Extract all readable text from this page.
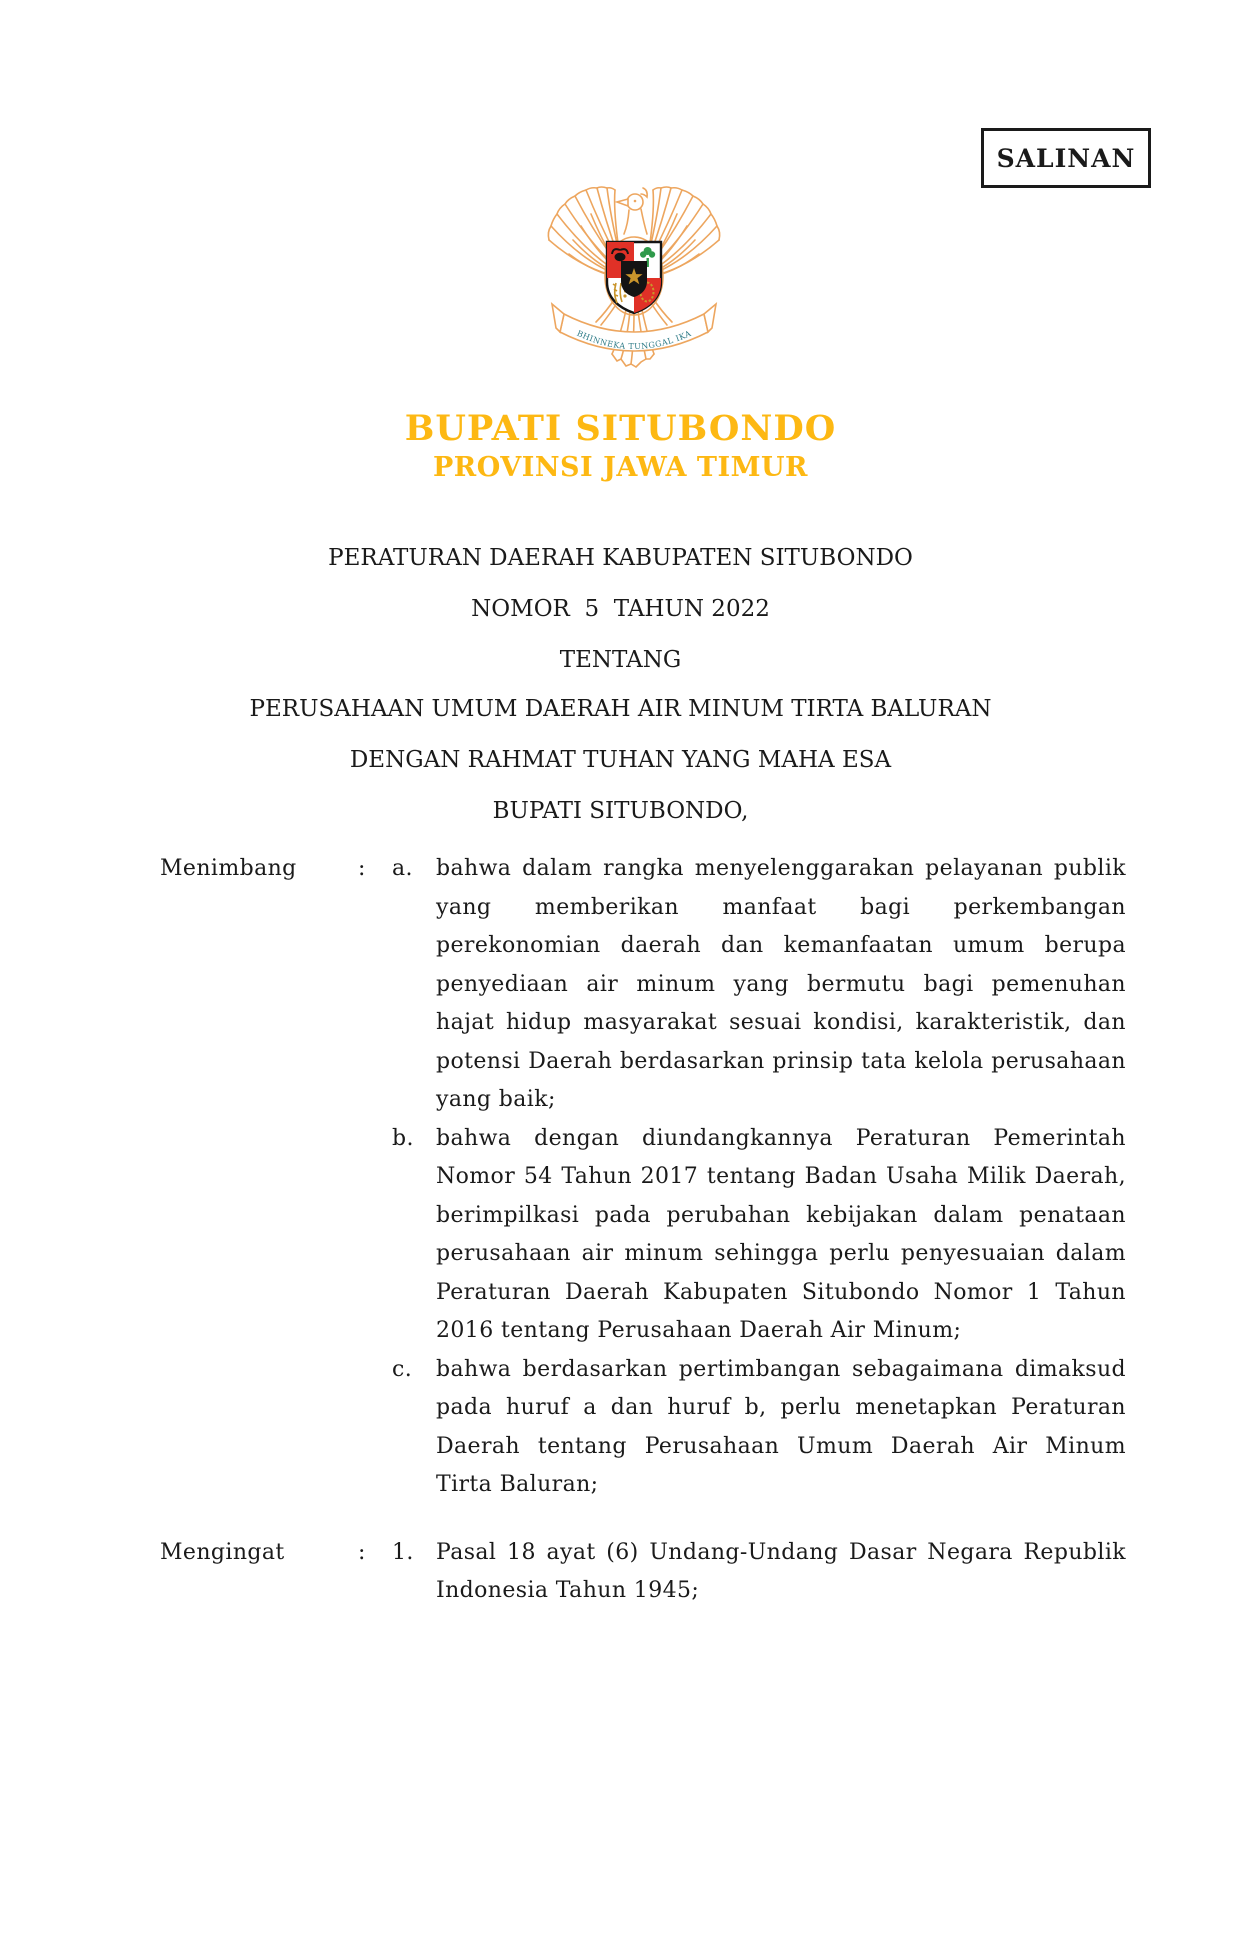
SALINAN
BHINNEKA TUNGGAL IKA
BUPATI SITUBONDO
PROVINSI JAWA TIMUR
PERATURAN DAERAH KABUPATEN SITUBONDO
NOMOR  5  TAHUN 2022
TENTANG
PERUSAHAAN UMUM DAERAH AIR MINUM TIRTA BALURAN
DENGAN RAHMAT TUHAN YANG MAHA ESA
BUPATI SITUBONDO,
Menimbang	:	a.	bahwa dalam rangka menyelenggarakan pelayanan publik yang memberikan manfaat bagi perkembangan perekonomian daerah dan kemanfaatan umum berupa penyediaan air minum yang bermutu bagi pemenuhan hajat hidup masyarakat sesuai kondisi, karakteristik, dan potensi Daerah berdasarkan prinsip tata kelola perusahaan yang baik;
b.	bahwa dengan diundangkannya Peraturan Pemerintah Nomor 54 Tahun 2017 tentang Badan Usaha Milik Daerah, berimpilkasi pada perubahan kebijakan dalam penataan perusahaan air minum sehingga perlu penyesuaian dalam Peraturan Daerah Kabupaten Situbondo Nomor 1 Tahun 2016 tentang Perusahaan Daerah Air Minum;
c.	bahwa berdasarkan pertimbangan sebagaimana dimaksud pada huruf a dan huruf b, perlu menetapkan Peraturan Daerah tentang Perusahaan Umum Daerah Air Minum Tirta Baluran;
Mengingat	:	1.	Pasal 18 ayat (6) Undang-Undang Dasar Negara Republik Indonesia Tahun 1945;
